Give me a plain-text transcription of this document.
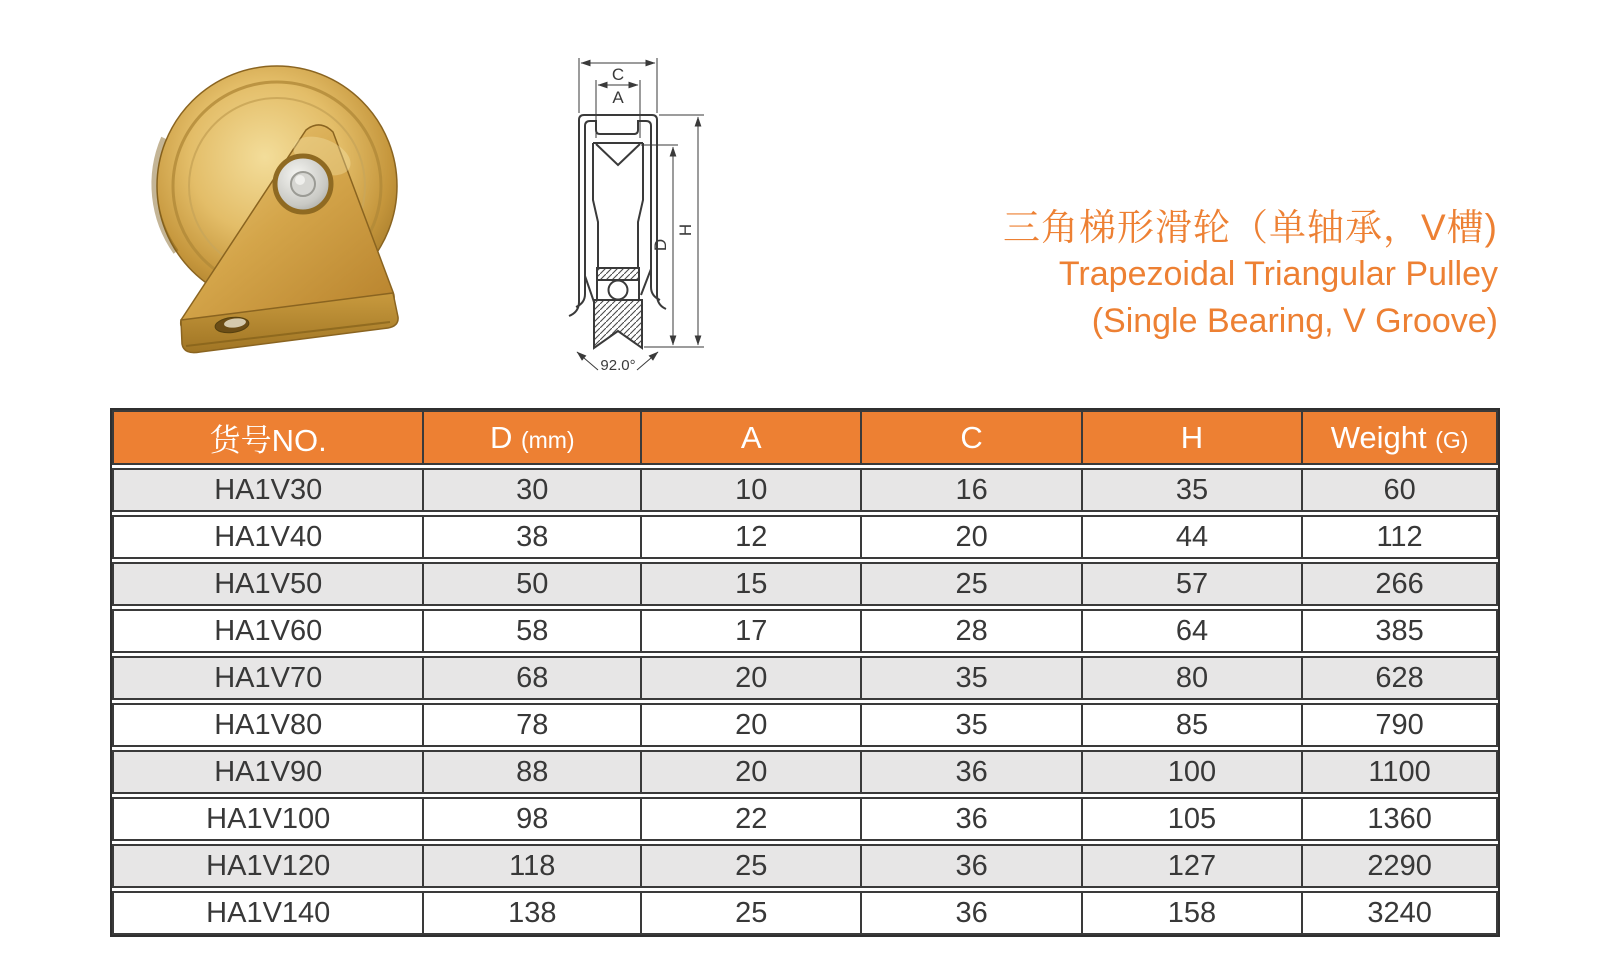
C
A
D
H
92.0°
三角梯形滑轮（单轴承，V槽)
Trapezoidal Triangular Pulley
(Single Bearing, V Groove)
货号NO.	D (mm)	A	C	H	Weight (G)
HA1V30	30	10	16	35	60
HA1V40	38	12	20	44	112
HA1V50	50	15	25	57	266
HA1V60	58	17	28	64	385
HA1V70	68	20	35	80	628
HA1V80	78	20	35	85	790
HA1V90	88	20	36	100	1100
HA1V100	98	22	36	105	1360
HA1V120	118	25	36	127	2290
HA1V140	138	25	36	158	3240
